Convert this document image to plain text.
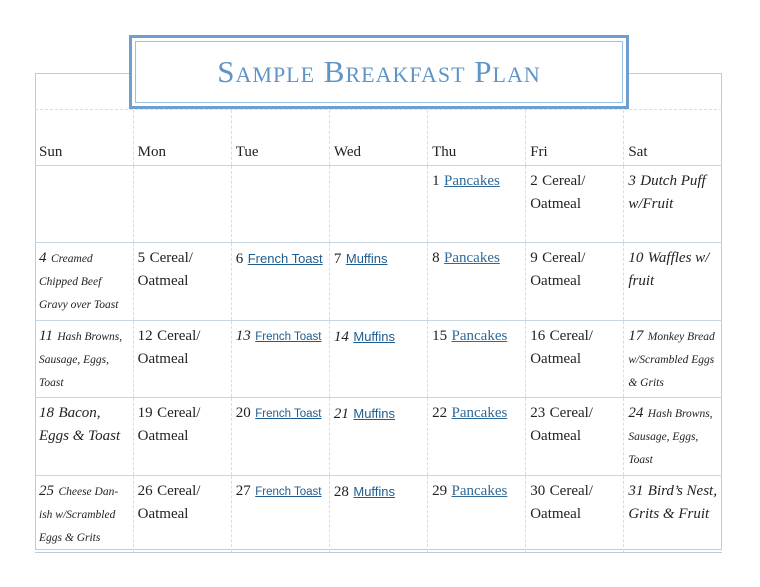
Sample Breakfast Plan
Sun	Mon	Tue	Wed	Thu	Fri	Sat

				1 Pancakes	2 Cereal/ Oatmeal	3 Dutch Puff w/Fruit

4 Creamed Chipped Beef Gravy over Toast	5 Cereal/ Oatmeal	6 French Toast	7 Muffins	8 Pancakes	9 Cereal/ Oatmeal	10 Waffles w/ fruit

11 Hash Browns, Sausage, Eggs, Toast	12 Cereal/ Oatmeal	13 French Toast	14 Muffins	15 Pancakes	16 Cereal/ Oatmeal	17 Monkey Bread w/Scrambled Eggs & Grits

18 Bacon, Eggs & Toast	19 Cereal/ Oatmeal	20 French Toast	21 Muffins	22 Pancakes	23 Cereal/ Oatmeal	24 Hash Browns, Sausage, Eggs, Toast

25 Cheese Dan-ish w/Scrambled Eggs & Grits	26 Cereal/ Oatmeal	27 French Toast	28 Muffins	29 Pancakes	30 Cereal/ Oatmeal	31 Bird’s Nest, Grits & Fruit
